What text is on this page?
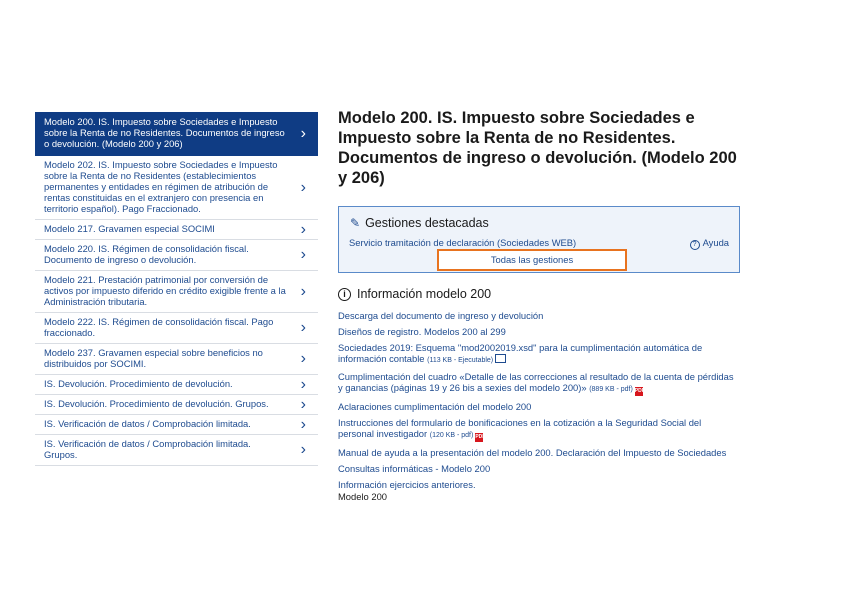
Modelo 200. IS. Impuesto sobre Sociedades e Impuesto sobre la Renta de no Residentes. Documentos de ingreso o devolución. (Modelo 200 y 206)
›
Modelo 202. IS. Impuesto sobre Sociedades e Impuesto sobre la Renta de no Residentes (establecimientos permanentes y entidades en régimen de atribución de rentas constituidas en el extranjero con presencia en territorio español). Pago Fraccionado.
›
Modelo 217. Gravamen especial SOCIMI	›
Modelo 220. IS. Régimen de consolidación fiscal. Documento de ingreso o devolución.	›
Modelo 221. Prestación patrimonial por conversión de activos por impuesto diferido en crédito exigible frente a la Administración tributaria.
›
Modelo 222. IS. Régimen de consolidación fiscal. Pago fraccionado.	›
Modelo 237. Gravamen especial sobre beneficios no distribuidos por SOCIMI.	›
IS. Devolución. Procedimiento de devolución.	›
IS. Devolución. Procedimiento de devolución. Grupos. ›
IS. Verificación de datos / Comprobación limitada.	›
IS. Verificación de datos / Comprobación limitada. Grupos.	›
Modelo 200. IS. Impuesto sobre Sociedades e Impuesto sobre la Renta de no Residentes. Documentos de ingreso o devolución. (Modelo 200 y 206)
✎ Gestiones destacadas
Servicio tramitación de declaración (Sociedades WEB)	? Ayuda
Todas las gestiones
i Información modelo 200
Descarga del documento de ingreso y devolución
Diseños de registro. Modelos 200 al 299
Sociedades 2019: Esquema "mod2002019.xsd" para la cumplimentación automática de información contable (113 KB - Ejecutable)
Cumplimentación del cuadro «Detalle de las correcciones al resultado de la cuenta de pérdidas y ganancias (páginas 19 y 26 bis a sexies del modelo 200)» (889 KB - pdf) PDF
Aclaraciones cumplimentación del modelo 200
Instrucciones del formulario de bonificaciones en la cotización a la Seguridad Social del personal investigador (120 KB - pdf) PDF
Manual de ayuda a la presentación del modelo 200. Declaración del Impuesto de Sociedades
Consultas informáticas - Modelo 200
Información ejercicios anteriores.
Modelo 200
